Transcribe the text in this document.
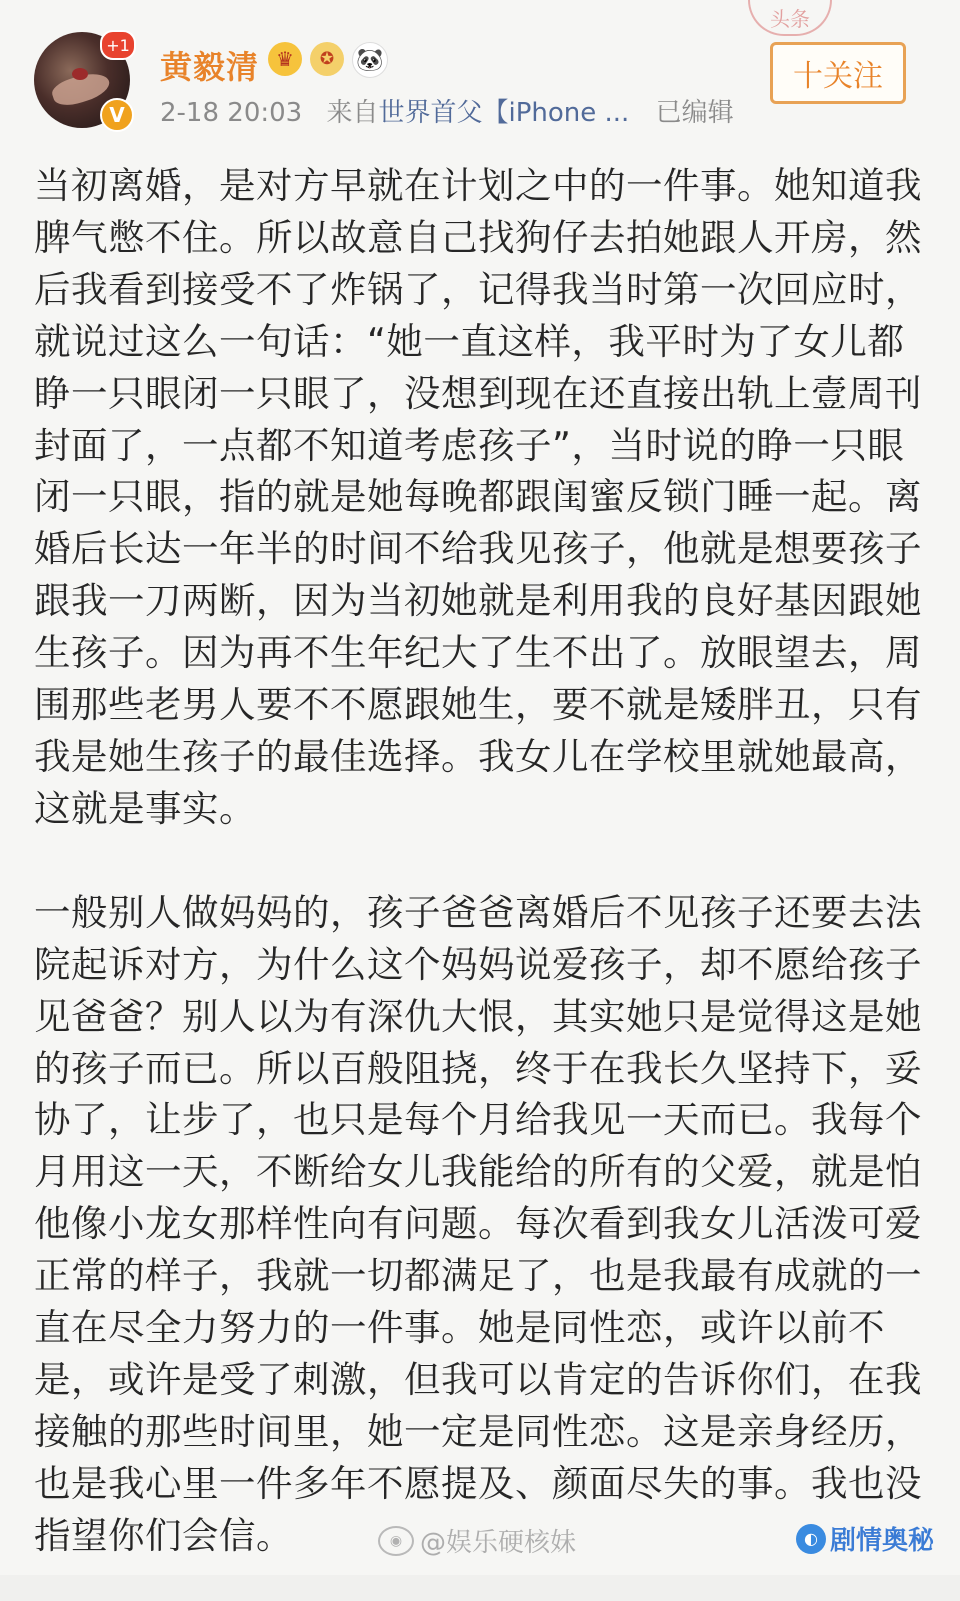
头条
+1
V
黄毅清 ♛	✪	🐼
2-18 20:03 来自世界首父【iPhone ... 已编辑
十关注

当初离婚，是对方早就在计划之中的一件事。她知道我
脾气憋不住。所以故意自己找狗仔去拍她跟人开房，然
后我看到接受不了炸锅了，记得我当时第一次回应时，
就说过这么一句话：“她一直这样，我平时为了女儿都
睁一只眼闭一只眼了，没想到现在还直接出轨上壹周刊
封面了，一点都不知道考虑孩子”，当时说的睁一只眼
闭一只眼，指的就是她每晚都跟闺蜜反锁门睡一起。离
婚后长达一年半的时间不给我见孩子，他就是想要孩子
跟我一刀两断，因为当初她就是利用我的良好基因跟她
生孩子。因为再不生年纪大了生不出了。放眼望去，周
围那些老男人要不不愿跟她生，要不就是矮胖丑，只有
我是她生孩子的最佳选择。我女儿在学校里就她最高，
这就是事实。

一般别人做妈妈的，孩子爸爸离婚后不见孩子还要去法
院起诉对方，为什么这个妈妈说爱孩子，却不愿给孩子
见爸爸？别人以为有深仇大恨，其实她只是觉得这是她
的孩子而已。所以百般阻挠，终于在我长久坚持下，妥
协了，让步了，也只是每个月给我见一天而已。我每个
月用这一天，不断给女儿我能给的所有的父爱，就是怕
他像小龙女那样性向有问题。每次看到我女儿活泼可爱
正常的样子，我就一切都满足了，也是我最有成就的一
直在尽全力努力的一件事。她是同性恋，或许以前不
是，或许是受了刺激，但我可以肯定的告诉你们，在我
接触的那些时间里，她一定是同性恋。这是亲身经历，
也是我心里一件多年不愿提及、颜面尽失的事。我也没
指望你们会信。	◉ @娱乐硬核妹	◐ 剧情奥秘
